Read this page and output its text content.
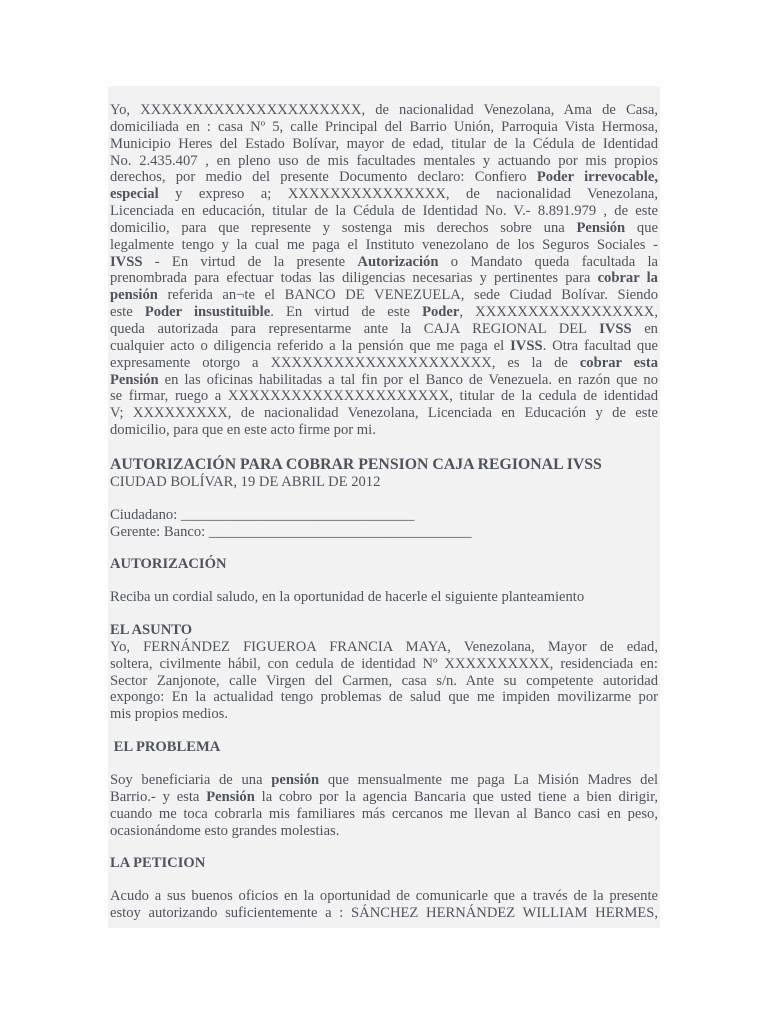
Yo, XXXXXXXXXXXXXXXXXXXXX, de nacionalidad Venezolana, Ama de Casa,
domiciliada en : casa Nº 5, calle Principal del Barrio Unión, Parroquia Vista Hermosa,
Municipio Heres del Estado Bolívar, mayor de edad, titular de la Cédula de Identidad
No. 2.435.407 , en pleno uso de mis facultades mentales y actuando por mis propios
derechos, por medio del presente Documento declaro: Confiero Poder irrevocable,
especial y expreso a; XXXXXXXXXXXXXXX, de nacionalidad Venezolana,
Licenciada en educación, titular de la Cédula de Identidad No. V.- 8.891.979 , de este
domicilio, para que represente y sostenga mis derechos sobre una Pensión que
legalmente tengo y la cual me paga el Instituto venezolano de los Seguros Sociales -
IVSS - En virtud de la presente Autorización o Mandato queda facultada la
prenombrada para efectuar todas las diligencias necesarias y pertinentes para cobrar la
pensión referida an¬te el BANCO DE VENEZUELA, sede Ciudad Bolívar. Siendo
este Poder insustituible. En virtud de este Poder, XXXXXXXXXXXXXXXXX,
queda autorizada para representarme ante la CAJA REGIONAL DEL IVSS en
cualquier acto o diligencia referido a la pensión que me paga el IVSS. Otra facultad que
expresamente otorgo a XXXXXXXXXXXXXXXXXXXXX, es la de cobrar esta
Pensión en las oficinas habilitadas a tal fin por el Banco de Venezuela. en razón que no
se firmar, ruego a XXXXXXXXXXXXXXXXXXXXX, titular de la cedula de identidad
V; XXXXXXXXX, de nacionalidad Venezolana, Licenciada en Educación y de este
domicilio, para que en este acto firme por mi.
AUTORIZACIÓN PARA COBRAR PENSION CAJA REGIONAL IVSS
CIUDAD BOLÍVAR, 19 DE ABRIL DE 2012
Ciudadano: ________________________________
Gerente: Banco: ____________________________________
AUTORIZACIÓN
Reciba un cordial saludo, en la oportunidad de hacerle el siguiente planteamiento
EL ASUNTO
Yo, FERNÁNDEZ FIGUEROA FRANCIA MAYA, Venezolana, Mayor de edad,
soltera, civilmente hábil, con cedula de identidad Nº XXXXXXXXXX, residenciada en:
Sector Zanjonote, calle Virgen del Carmen, casa s/n. Ante su competente autoridad
expongo: En la actualidad tengo problemas de salud que me impiden movilizarme por
mis propios medios.
EL PROBLEMA
Soy beneficiaria de una pensión que mensualmente me paga La Misión Madres del
Barrio.- y esta Pensión la cobro por la agencia Bancaria que usted tiene a bien dirigir,
cuando me toca cobrarla mis familiares más cercanos me llevan al Banco casi en peso,
ocasionándome esto grandes molestias.
LA PETICION
Acudo a sus buenos oficios en la oportunidad de comunicarle que a través de la presente
estoy autorizando suficientemente a : SÁNCHEZ HERNÁNDEZ WILLIAM HERMES,
